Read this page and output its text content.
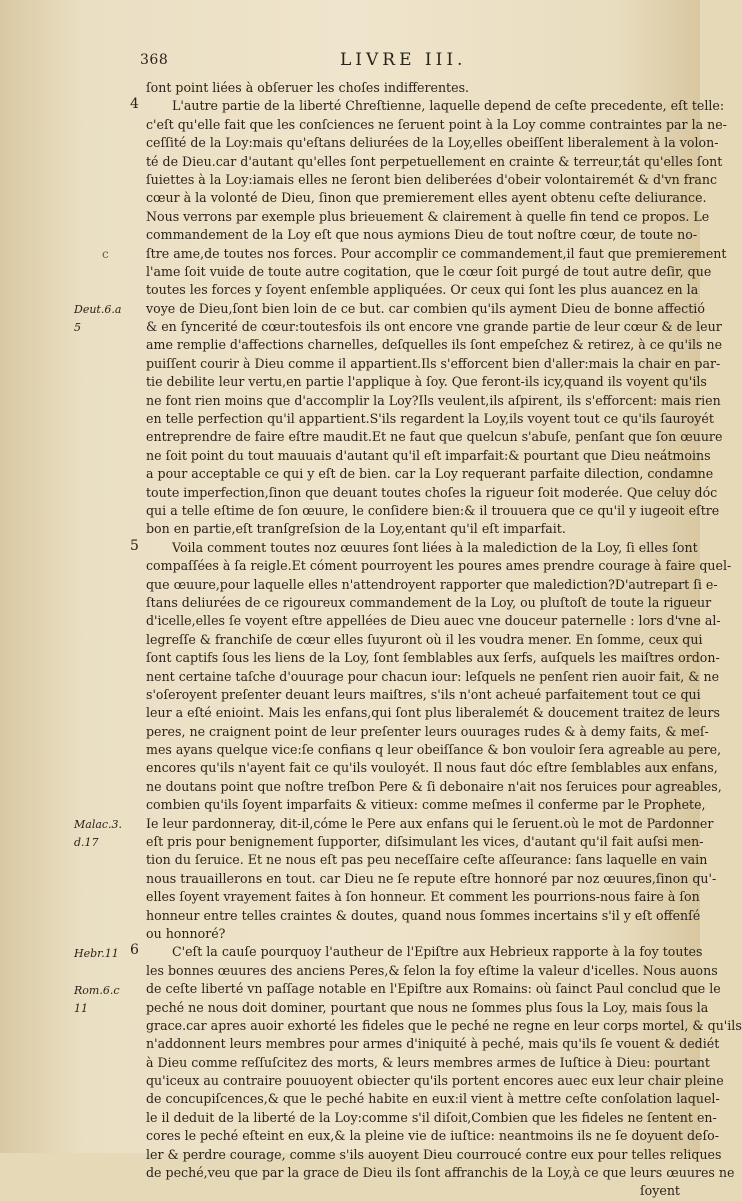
368	LIVRE III.
ſont point liées à obſeruer les choſes indifferentes.
L'autre partie de la liberté Chreſtienne, laquelle depend de ceſte precedente, eſt telle:
c'eſt qu'elle fait que les conſciences ne ſeruent point à la Loy comme contraintes par la ne-
ceſſité de la Loy:mais qu'eſtans deliurées de la Loy,elles obeiſſent liberalement à la volon-
té de Dieu.car d'autant qu'elles ſont perpetuellement en crainte & terreur,tát qu'elles ſont
ſuiettes à la Loy:iamais elles ne ſeront bien deliberées d'obeir volontairemét & d'vn franc
cœur à la volonté de Dieu, ſinon que premierement elles ayent obtenu ceſte deliurance.
Nous verrons par exemple plus brieuement & clairement à quelle fin tend ce propos. Le
commandement de la Loy eſt que nous aymions Dieu de tout noſtre cœur, de toute no-
ſtre ame,de toutes nos forces. Pour accomplir ce commandement,il faut que premierement
l'ame ſoit vuide de toute autre cogitation, que le cœur ſoit purgé de tout autre deſir, que
toutes les forces y ſoyent enſemble appliquées. Or ceux qui ſont les plus auancez en la
voye de Dieu,ſont bien loin de ce but. car combien qu'ils ayment Dieu de bonne affectió
& en ſyncerité de cœur:toutesfois ils ont encore vne grande partie de leur cœur & de leur
ame remplie d'affections charnelles, deſquelles ils ſont empeſchez & retirez, à ce qu'ils ne
puiſſent courir à Dieu comme il appartient.Ils s'efforcent bien d'aller:mais la chair en par-
tie debilite leur vertu,en partie l'applique à ſoy. Que feront-ils icy,quand ils voyent qu'ils
ne font rien moins que d'accomplir la Loy?Ils veulent,ils aſpirent, ils s'efforcent: mais rien
en telle perfection qu'il appartient.S'ils regardent la Loy,ils voyent tout ce qu'ils ſauroyét
entreprendre de faire eſtre maudit.Et ne faut que quelcun s'abuſe, penſant que ſon œuure
ne ſoit point du tout mauuais d'autant qu'il eſt imparfait:& pourtant que Dieu neátmoins
a pour acceptable ce qui y eſt de bien. car la Loy requerant parfaite dilection, condamne
toute imperfection,ſinon que deuant toutes choſes la rigueur ſoit moderée. Que celuy dóc
qui a telle eſtime de ſon œuure, le conſidere bien:& il trouuera que ce qu'il y iugeoit eſtre
bon en partie,eſt tranſgreſsion de la Loy,entant qu'il eſt imparfait.
Voila comment toutes noz œuures ſont liées à la malediction de la Loy, ſi elles ſont
compaſſées à ſa reigle.Et cóment pourroyent les poures ames prendre courage à faire quel-
que œuure,pour laquelle elles n'attendroyent rapporter que malediction?D'autrepart ſi e-
ſtans deliurées de ce rigoureux commandement de la Loy, ou pluſtoſt de toute la rigueur
d'icelle,elles ſe voyent eſtre appellées de Dieu auec vne douceur paternelle : lors d'vne al-
legreſſe & franchiſe de cœur elles ſuyuront où il les voudra mener. En ſomme, ceux qui
ſont captifs ſous les liens de la Loy, ſont ſemblables aux ſerfs, auſquels les maiſtres ordon-
nent certaine taſche d'ouurage pour chacun iour: leſquels ne penſent rien auoir fait, & ne
s'oſeroyent preſenter deuant leurs maiſtres, s'ils n'ont acheué parfaitement tout ce qui
leur a eſté enioint. Mais les enfans,qui ſont plus liberalemét & doucement traitez de leurs
peres, ne craignent point de leur preſenter leurs ouurages rudes & à demy faits, & meſ-
mes ayans quelque vice:ſe confians q leur obeiſſance & bon vouloir ſera agreable au pere,
encores qu'ils n'ayent fait ce qu'ils vouloyét. Il nous faut dóc eſtre ſemblables aux enfans,
ne doutans point que noſtre treſbon Pere & ſi debonaire n'ait nos ſeruices pour agreables,
combien qu'ils ſoyent imparfaits & vitieux: comme meſmes il conferme par le Prophete,
Ie leur pardonneray, dit-il,cóme le Pere aux enfans qui le ſeruent.où le mot de Pardonner
eſt pris pour benignement ſupporter, diſsimulant les vices, d'autant qu'il fait auſsi men-
tion du ſeruice. Et ne nous eſt pas peu neceſſaire ceſte aſſeurance: ſans laquelle en vain
nous trauaillerons en tout. car Dieu ne ſe repute eſtre honnoré par noz œuures,ſinon qu'-
elles ſoyent vrayement faites à ſon honneur. Et comment les pourrions-nous faire à ſon
honneur entre telles craintes & doutes, quand nous ſommes incertains s'il y eſt offenſé
ou honnoré?
C'eſt la cauſe pourquoy l'autheur de l'Epiſtre aux Hebrieux rapporte à la foy toutes
les bonnes œuures des anciens Peres,& ſelon la foy eſtime la valeur d'icelles. Nous auons
de ceſte liberté vn paſſage notable en l'Epiſtre aux Romains: où ſainct Paul conclud que le
peché ne nous doit dominer, pourtant que nous ne ſommes plus ſous la Loy, mais ſous la
grace.car apres auoir exhorté les fideles que le peché ne regne en leur corps mortel, & qu'ils
n'addonnent leurs membres pour armes d'iniquité à peché, mais qu'ils ſe vouent & dediét
à Dieu comme reſſuſcitez des morts, & leurs membres armes de Iuſtice à Dieu: pourtant
qu'iceux au contraire pouuoyent obiecter qu'ils portent encores auec eux leur chair pleine
de concupiſcences,& que le peché habite en eux:il vient à mettre ceſte conſolation laquel-
le il deduit de la liberté de la Loy:comme s'il diſoit,Combien que les fideles ne ſentent en-
cores le peché eſteint en eux,& la pleine vie de iuſtice: neantmoins ils ne ſe doyuent deſo-
ler & perdre courage, comme s'ils auoyent Dieu courroucé contre eux pour telles reliques
de peché,veu que par la grace de Dieu ils ſont affranchis de la Loy,à ce que leurs œuures ne
ſoyent
4
5
6
Deut.6.a
5
Malac.3.
d.17
Hebr.11
Rom.6.c
11
c
